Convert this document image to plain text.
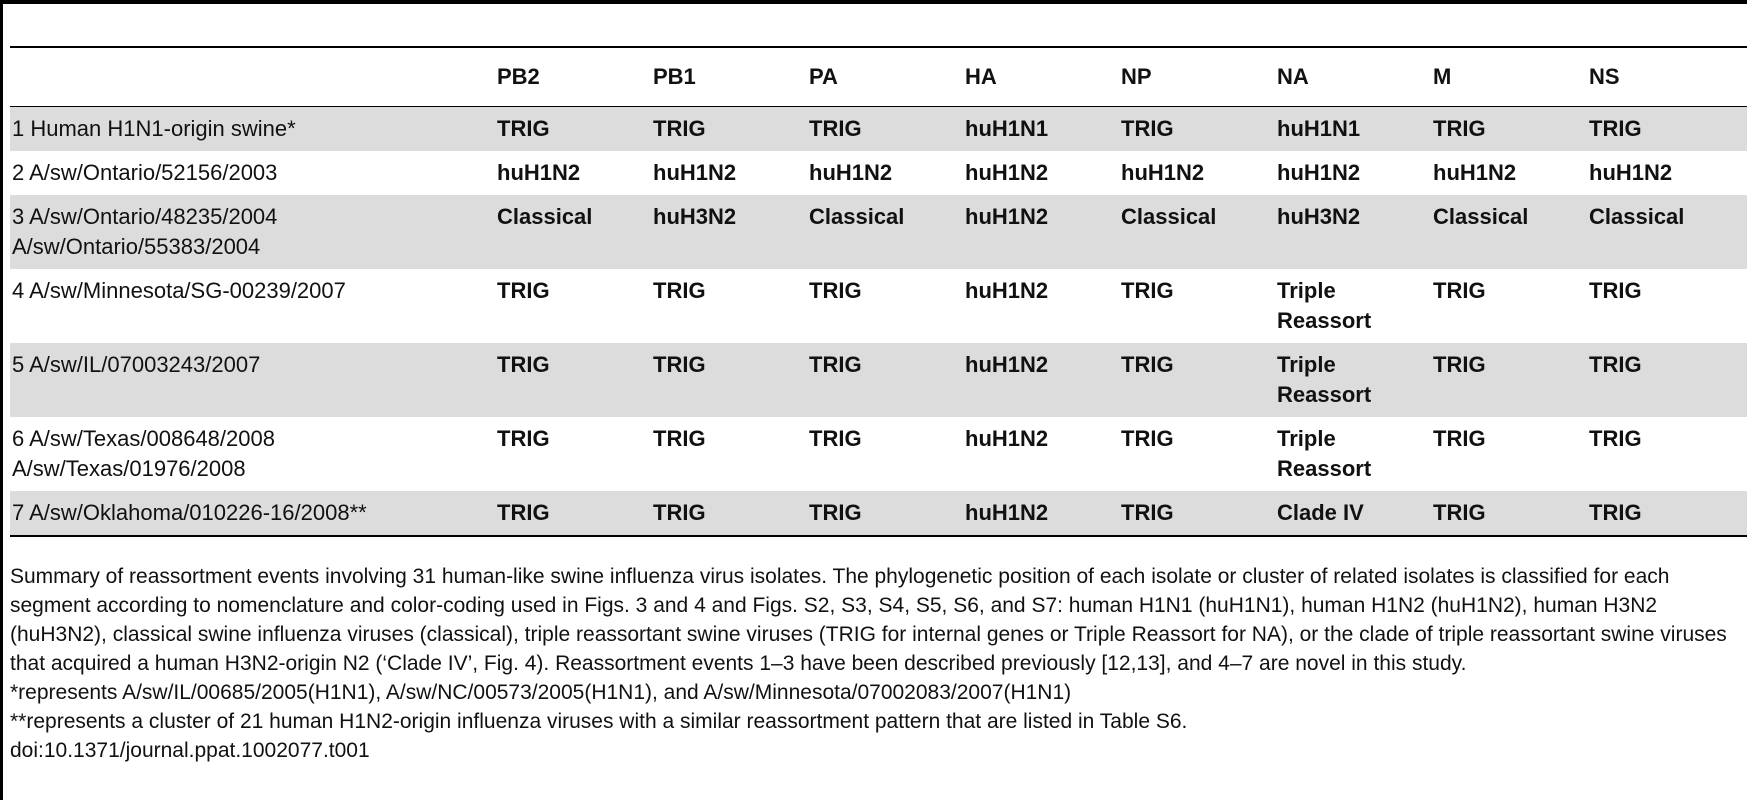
	PB2	PB1	PA	HA	NP	NA	M	NS
1 Human H1N1-origin swine*	TRIG	TRIG	TRIG	huH1N1	TRIG	huH1N1	TRIG	TRIG
2 A/sw/Ontario/52156/2003	huH1N2	huH1N2	huH1N2	huH1N2	huH1N2	huH1N2	huH1N2	huH1N2

3 A/sw/Ontario/48235/2004
A/sw/Ontario/55383/2004	Classical	huH3N2	Classical	huH1N2	Classical	huH3N2	Classical	Classical
4 A/sw/Minnesota/SG-00239/2007	TRIG	TRIG	TRIG	huH1N2	TRIG	Triple Reassort	TRIG	TRIG
5 A/sw/IL/07003243/2007	TRIG	TRIG	TRIG	huH1N2	TRIG	Triple Reassort	TRIG	TRIG

6 A/sw/Texas/008648/2008
A/sw/Texas/01976/2008	TRIG	TRIG	TRIG	huH1N2	TRIG	Triple Reassort	TRIG	TRIG
7 A/sw/Oklahoma/010226-16/2008**	TRIG	TRIG	TRIG	huH1N2	TRIG	Clade IV	TRIG	TRIG

Summary of reassortment events involving 31 human-like swine influenza virus isolates. The phylogenetic position of each isolate or cluster of related isolates is classified for each segment according to nomenclature and color-coding used in Figs. 3 and 4 and Figs. S2, S3, S4, S5, S6, and S7: human H1N1 (huH1N1), human H1N2 (huH1N2), human H3N2 (huH3N2), classical swine influenza viruses (classical), triple reassortant swine viruses (TRIG for internal genes or Triple Reassort for NA), or the clade of triple reassortant swine viruses that acquired a human H3N2-origin N2 (‘Clade IV’, Fig. 4). Reassortment events 1–3 have been described previously [12,13], and 4–7 are novel in this study.

*represents A/sw/IL/00685/2005(H1N1), A/sw/NC/00573/2005(H1N1), and A/sw/Minnesota/07002083/2007(H1N1)

**represents a cluster of 21 human H1N2-origin influenza viruses with a similar reassortment pattern that are listed in Table S6.

doi:10.1371/journal.ppat.1002077.t001
